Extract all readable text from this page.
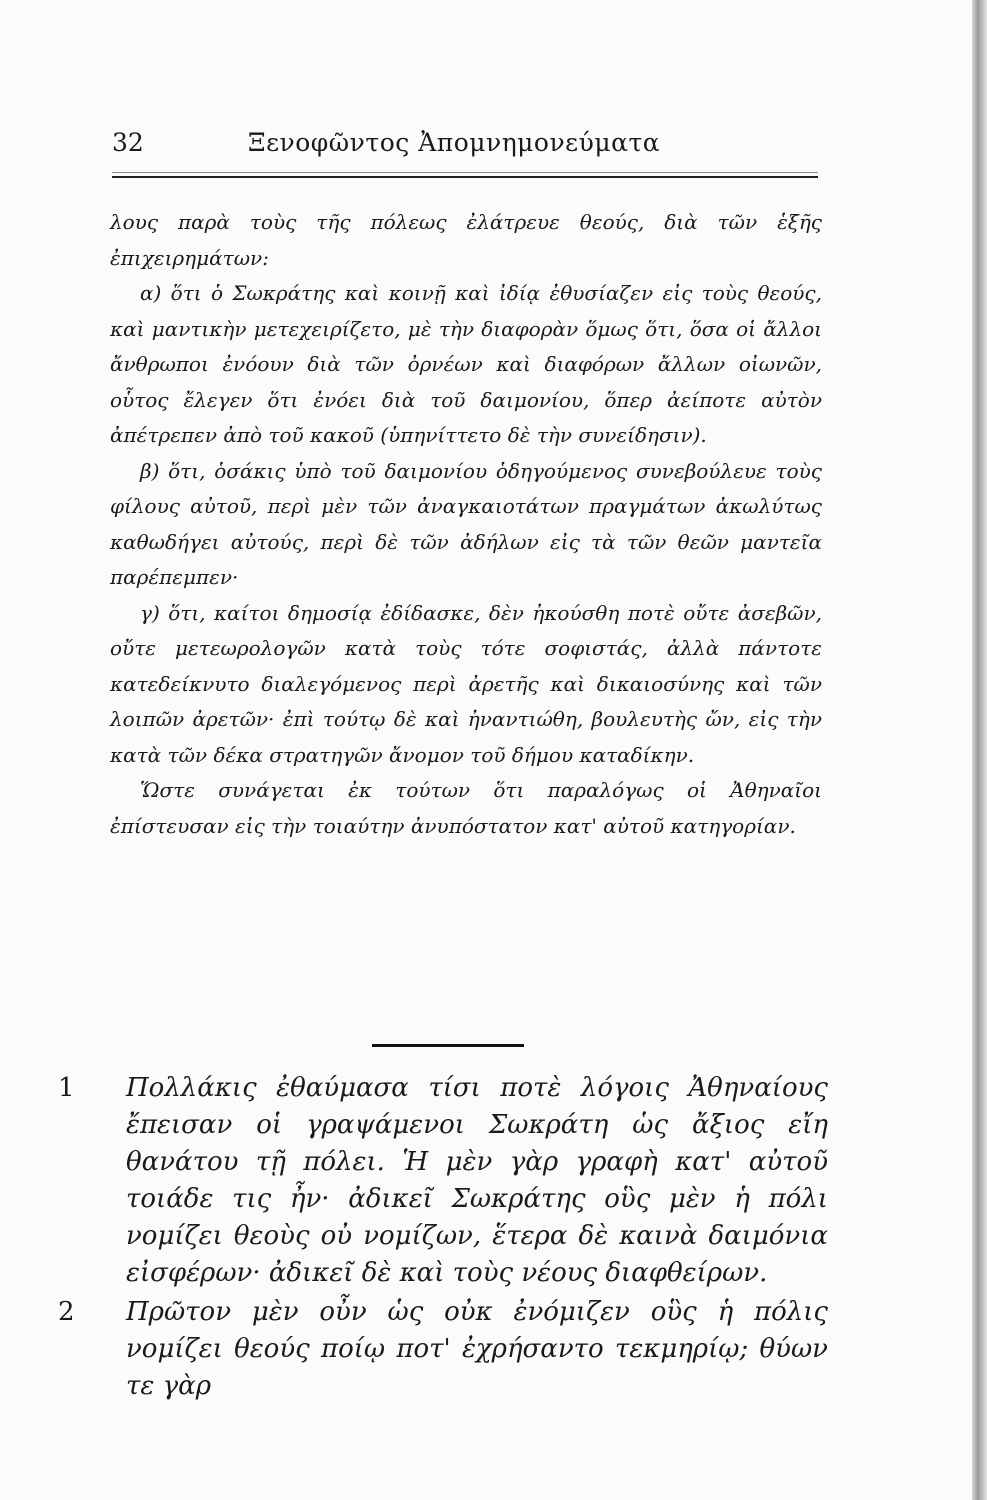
32	Ξενοφῶντος Ἀπομνημονεύματα

λους παρὰ τοὺς τῆς πόλεως ἐλάτρευε θεούς, διὰ τῶν ἑξῆς ἐπιχειρημάτων:

α) ὅτι ὁ Σωκράτης καὶ κοινῇ καὶ ἰδίᾳ ἐθυσίαζεν εἰς τοὺς θεούς, καὶ μαντικὴν μετεχειρίζετο, μὲ τὴν διαφορὰν ὅμως ὅτι, ὅσα οἱ ἄλλοι ἄνθρωποι ἐνόουν διὰ τῶν ὀρνέων καὶ διαφόρων ἄλλων οἰωνῶν, οὗτος ἔλεγεν ὅτι ἐνόει διὰ τοῦ δαιμονίου, ὅπερ ἀείποτε αὐτὸν ἀπέτρεπεν ἀπὸ τοῦ κακοῦ (ὑπηνίττετο δὲ τὴν συνείδησιν).

β) ὅτι, ὁσάκις ὑπὸ τοῦ δαιμονίου ὁδηγούμενος συνεβούλευε τοὺς φίλους αὐτοῦ, περὶ μὲν τῶν ἀναγκαιοτάτων πραγμάτων ἀκωλύτως καθωδήγει αὐτούς, περὶ δὲ τῶν ἀδήλων εἰς τὰ τῶν θεῶν μαντεῖα παρέπεμπεν·

γ) ὅτι, καίτοι δημοσίᾳ ἐδίδασκε, δὲν ἠκούσθη ποτὲ οὔτε ἀσεβῶν, οὔτε μετεωρολογῶν κατὰ τοὺς τότε σοφιστάς, ἀλλὰ πάντοτε κατεδείκνυτο διαλεγόμενος περὶ ἀρετῆς καὶ δικαιοσύνης καὶ τῶν λοιπῶν ἀρετῶν· ἐπὶ τούτῳ δὲ καὶ ἠναντιώθη, βουλευτὴς ὤν, εἰς τὴν κατὰ τῶν δέκα στρατηγῶν ἄνομον τοῦ δήμου καταδίκην.

Ὥστε συνάγεται ἐκ τούτων ὅτι παραλόγως οἱ Ἀθηναῖοι ἐπίστευσαν εἰς τὴν τοιαύτην ἀνυπόστατον κατ' αὐτοῦ κατηγορίαν.

1 Πολλάκις ἐθαύμασα τίσι ποτὲ λόγοις Ἀθηναίους ἔπεισαν οἱ γραψάμενοι Σωκράτη ὡς ἄξιος εἴη θανάτου τῇ πόλει. Ἡ μὲν γὰρ γραφὴ κατ' αὐτοῦ τοιάδε τις ἦν· ἀδικεῖ Σωκράτης οὓς μὲν ἡ πόλι νομίζει θεοὺς οὐ νομίζων, ἕτερα δὲ καινὰ δαιμόνια εἰσφέρων· ἀδικεῖ δὲ καὶ τοὺς νέους διαφθείρων.
2 Πρῶτον μὲν οὖν ὡς οὐκ ἐνόμιζεν οὓς ἡ πόλις νομίζει θεούς ποίῳ ποτ' ἐχρήσαντο τεκμηρίῳ; θύων τε γὰρ
